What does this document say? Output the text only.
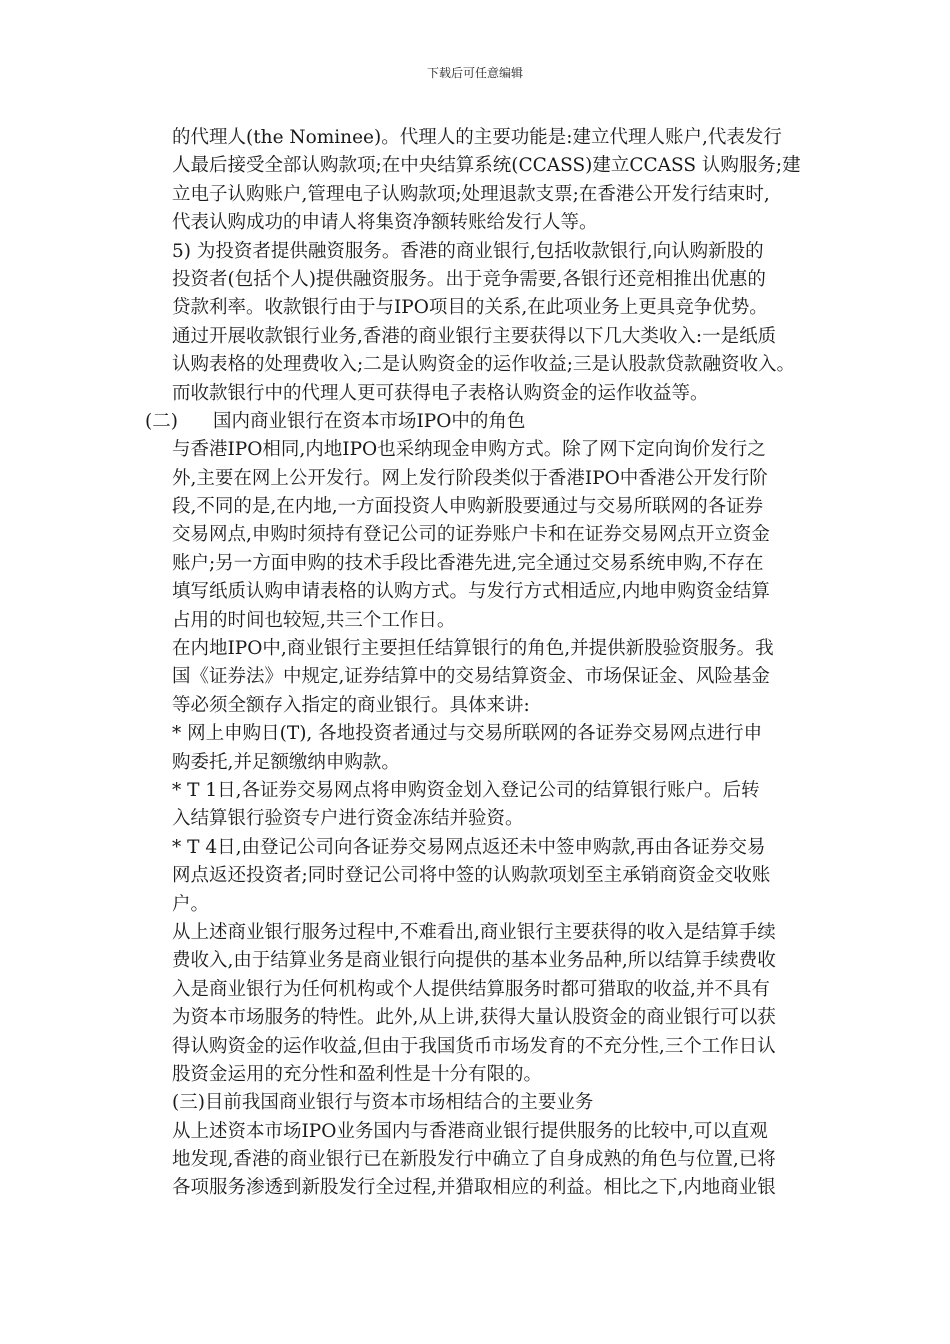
下载后可任意编辑
的代理人(the Nominee)。代理人的主要功能是:建立代理人账户,代表发行
人最后接受全部认购款项;在中央结算系统(CCASS)建立CCASS 认购服务;建
立电子认购账户,管理电子认购款项;处理退款支票;在香港公开发行结束时,
代表认购成功的申请人将集资净额转账给发行人等。
5) 为投资者提供融资服务。香港的商业银行,包括收款银行,向认购新股的
投资者(包括个人)提供融资服务。出于竞争需要,各银行还竞相推出优惠的
贷款利率。收款银行由于与IPO项目的关系,在此项业务上更具竞争优势。
通过开展收款银行业务,香港的商业银行主要获得以下几大类收入:一是纸质
认购表格的处理费收入;二是认购资金的运作收益;三是认股款贷款融资收入。
而收款银行中的代理人更可获得电子表格认购资金的运作收益等。
(二) 国内商业银行在资本市场IPO中的角色
与香港IPO相同,内地IPO也采纳现金申购方式。除了网下定向询价发行之
外,主要在网上公开发行。网上发行阶段类似于香港IPO中香港公开发行阶
段,不同的是,在内地,一方面投资人申购新股要通过与交易所联网的各证券
交易网点,申购时须持有登记公司的证券账户卡和在证券交易网点开立资金
账户;另一方面申购的技术手段比香港先进,完全通过交易系统申购,不存在
填写纸质认购申请表格的认购方式。与发行方式相适应,内地申购资金结算
占用的时间也较短,共三个工作日。
在内地IPO中,商业银行主要担任结算银行的角色,并提供新股验资服务。我
国《证券法》中规定,证券结算中的交易结算资金、市场保证金、风险基金
等必须全额存入指定的商业银行。具体来讲:
* 网上申购日(T), 各地投资者通过与交易所联网的各证券交易网点进行申
购委托,并足额缴纳申购款。
* T 1日,各证券交易网点将申购资金划入登记公司的结算银行账户。后转
入结算银行验资专户进行资金冻结并验资。
* T 4日,由登记公司向各证券交易网点返还未中签申购款,再由各证券交易
网点返还投资者;同时登记公司将中签的认购款项划至主承销商资金交收账
户。
从上述商业银行服务过程中,不难看出,商业银行主要获得的收入是结算手续
费收入,由于结算业务是商业银行向提供的基本业务品种,所以结算手续费收
入是商业银行为任何机构或个人提供结算服务时都可猎取的收益,并不具有
为资本市场服务的特性。此外,从上讲,获得大量认股资金的商业银行可以获
得认购资金的运作收益,但由于我国货币市场发育的不充分性,三个工作日认
股资金运用的充分性和盈利性是十分有限的。
(三)目前我国商业银行与资本市场相结合的主要业务
从上述资本市场IPO业务国内与香港商业银行提供服务的比较中,可以直观
地发现,香港的商业银行已在新股发行中确立了自身成熟的角色与位置,已将
各项服务渗透到新股发行全过程,并猎取相应的利益。相比之下,内地商业银
